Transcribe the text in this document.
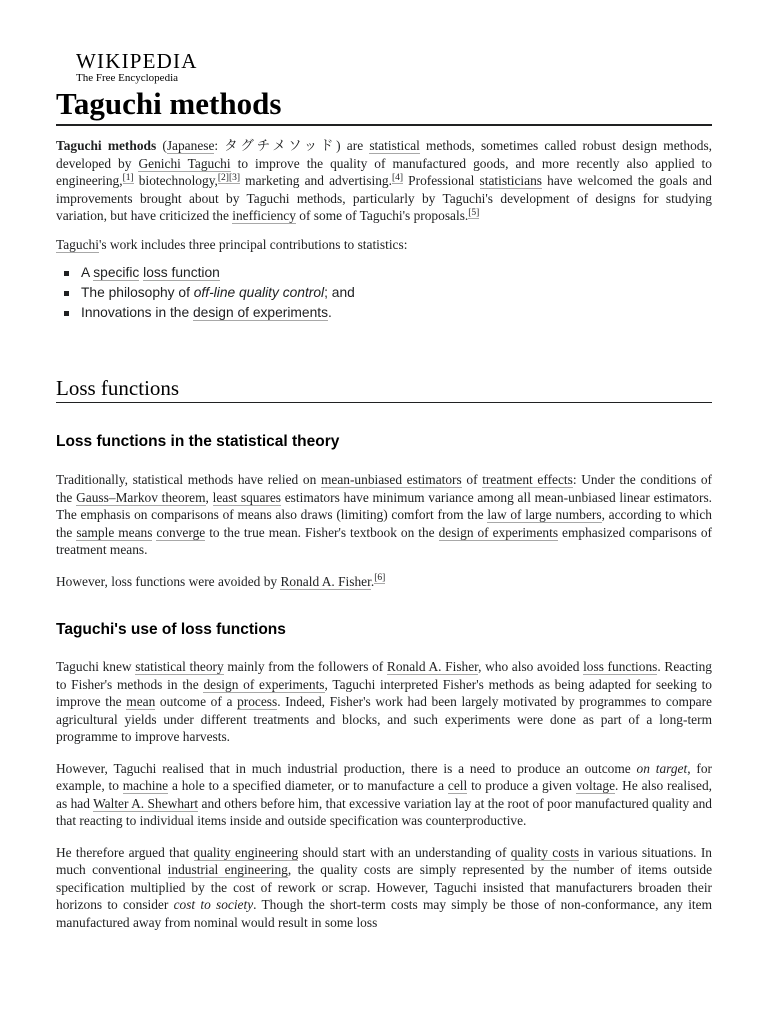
WIKIPEDIA
The Free Encyclopedia
Taguchi methods

Taguchi methods (Japanese: タグチメソッド) are statistical methods, sometimes called robust design methods, developed by Genichi Taguchi to improve the quality of manufactured goods, and more recently also applied to engineering,[1] biotechnology,[2][3] marketing and advertising.[4] Professional statisticians have welcomed the goals and improvements brought about by Taguchi methods, particularly by Taguchi's development of designs for studying variation, but have criticized the inefficiency of some of Taguchi's proposals.[5]

Taguchi's work includes three principal contributions to statistics:

A specific loss function
The philosophy of off-line quality control; and
Innovations in the design of experiments.
Loss functions
Loss functions in the statistical theory

Traditionally, statistical methods have relied on mean-unbiased estimators of treatment effects: Under the conditions of the Gauss–Markov theorem, least squares estimators have minimum variance among all mean-unbiased linear estimators. The emphasis on comparisons of means also draws (limiting) comfort from the law of large numbers, according to which the sample means converge to the true mean. Fisher's textbook on the design of experiments emphasized comparisons of treatment means.

However, loss functions were avoided by Ronald A. Fisher.[6]

Taguchi's use of loss functions

Taguchi knew statistical theory mainly from the followers of Ronald A. Fisher, who also avoided loss functions. Reacting to Fisher's methods in the design of experiments, Taguchi interpreted Fisher's methods as being adapted for seeking to improve the mean outcome of a process. Indeed, Fisher's work had been largely motivated by programmes to compare agricultural yields under different treatments and blocks, and such experiments were done as part of a long-term programme to improve harvests.

However, Taguchi realised that in much industrial production, there is a need to produce an outcome on target, for example, to machine a hole to a specified diameter, or to manufacture a cell to produce a given voltage. He also realised, as had Walter A. Shewhart and others before him, that excessive variation lay at the root of poor manufactured quality and that reacting to individual items inside and outside specification was counterproductive.

He therefore argued that quality engineering should start with an understanding of quality costs in various situations. In much conventional industrial engineering, the quality costs are simply represented by the number of items outside specification multiplied by the cost of rework or scrap. However, Taguchi insisted that manufacturers broaden their horizons to consider cost to society. Though the short-term costs may simply be those of non-conformance, any item manufactured away from nominal would result in some loss
